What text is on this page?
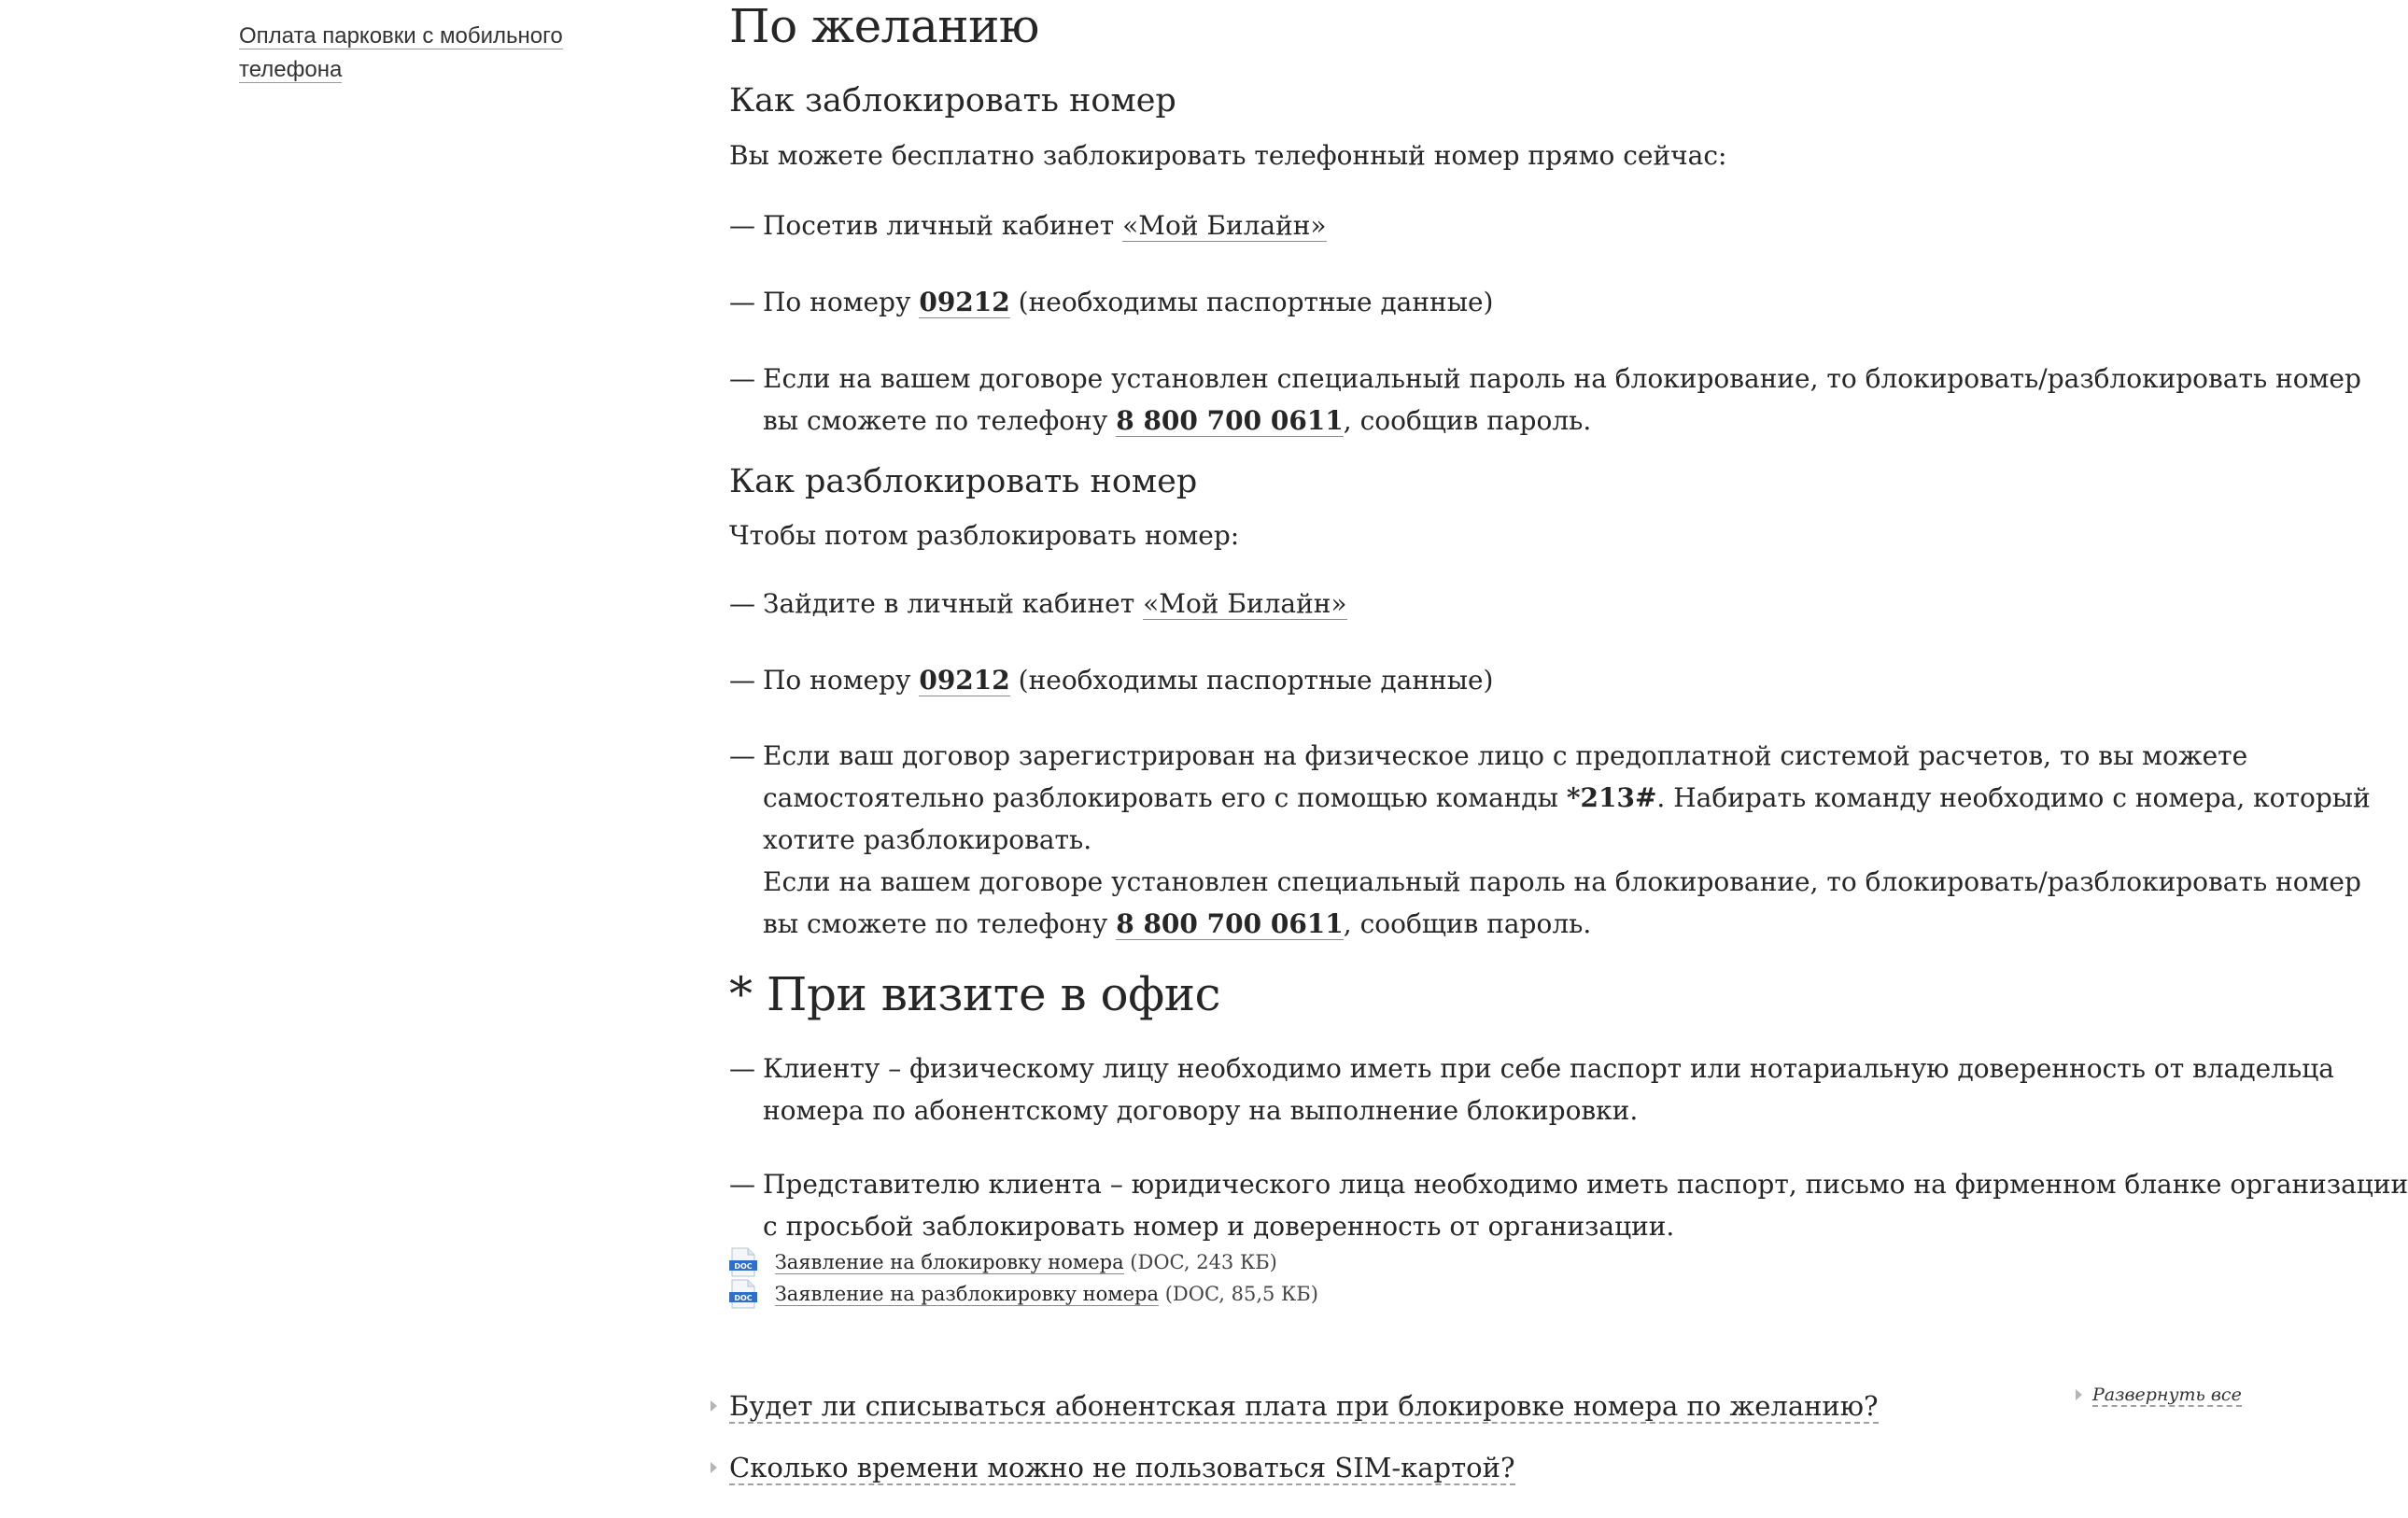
Оплата парковки с мобильного
телефона
По желанию
Как заблокировать номер

Вы можете бесплатно заблокировать телефонный номер прямо сейчас:

— Посетив личный кабинет «Мой Билайн»
— По номеру 09212 (необходимы паспортные данные)
— Если на вашем договоре установлен специальный пароль на блокирование, то блокировать/разблокировать номер
вы сможете по телефону 8 800 700 0611, сообщив пароль.
Как разблокировать номер

Чтобы потом разблокировать номер:

— Зайдите в личный кабинет «Мой Билайн»
— По номеру 09212 (необходимы паспортные данные)
— Если ваш договор зарегистрирован на физическое лицо с предоплатной системой расчетов, то вы можете
самостоятельно разблокировать его с помощью команды *213#. Набирать команду необходимо с номера, который
хотите разблокировать.
Если на вашем договоре установлен специальный пароль на блокирование, то блокировать/разблокировать номер
вы сможете по телефону 8 800 700 0611, сообщив пароль.
* При визите в офис
— Клиенту – физическому лицу необходимо иметь при себе паспорт или нотариальную доверенность от владельца
номера по абонентскому договору на выполнение блокировки.
— Представителю клиента – юридического лица необходимо иметь паспорт, письмо на фирменном бланке организации
с просьбой заблокировать номер и доверенность от организации.
DOC Заявление на блокировку номера (DOC, 243 КБ)
DOC Заявление на разблокировку номера (DOC, 85,5 КБ)
Развернуть все
Будет ли списываться абонентская плата при блокировке номера по желанию?
Сколько времени можно не пользоваться SIM-картой?
